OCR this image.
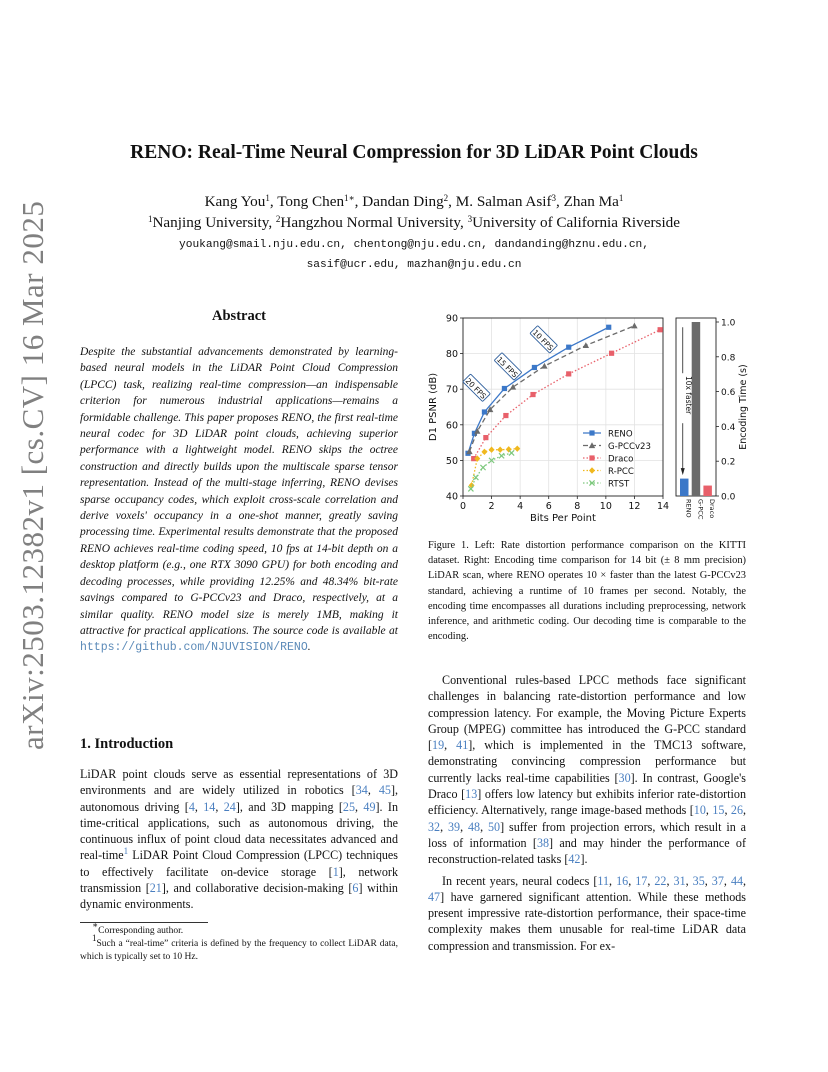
arXiv:2503.12382v1 [cs.CV] 16 Mar 2025
RENO: Real-Time Neural Compression for 3D LiDAR Point Clouds
Kang You$^1$, Tong Chen$^{1∗}$, Dandan Ding$^2$, M. Salman Asif$^3$, Zhan Ma$^1$
$^1$Nanjing University, $^2$Hangzhou Normal University, $^3$University of California Riverside
youkang@smail.nju.edu.cn, chentong@nju.edu.cn, dandanding@hznu.edu.cn,
sasif@ucr.edu, mazhan@nju.edu.cn
Abstract
Despite the substantial advancements demonstrated by learning-based neural models in the LiDAR Point Cloud Compression (LPCC) task, realizing real-time compression—an indispensable criterion for numerous industrial applications—remains a formidable challenge. This paper proposes RENO, the first real-time neural codec for 3D LiDAR point clouds, achieving superior performance with a lightweight model. RENO skips the octree construction and directly builds upon the multiscale sparse tensor representation. Instead of the multi-stage inferring, RENO devises sparse occupancy codes, which exploit cross-scale correlation and derive voxels' occupancy in a one-shot manner, greatly saving processing time. Experimental results demonstrate that the proposed RENO achieves real-time coding speed, 10 fps at 14-bit depth on a desktop platform (e.g., one RTX 3090 GPU) for both encoding and decoding processes, while providing 12.25% and 48.34% bit-rate savings compared to G-PCCv23 and Draco, respectively, at a similar quality. RENO model size is merely 1MB, making it attractive for practical applications. The source code is available at https://github.com/NJUVISION/RENO.
1. Introduction
LiDAR point clouds serve as essential representations of 3D environments and are widely utilized in robotics [34, 45], autonomous driving [4, 14, 24], and 3D mapping [25, 49]. In time-critical applications, such as autonomous driving, the continuous influx of point cloud data necessitates advanced and real-time$^1$ LiDAR Point Cloud Compression (LPCC) techniques to effectively facilitate on-device storage [1], network transmission [21], and collaborative decision-making [6] within dynamic environments.
∗Corresponding author.
$^1$Such a “real-time” criteria is defined by the frequency to collect LiDAR data, which is typically set to 10 Hz.
40
50
60
70
80
90
0 2 4 6 8 10 12 14
Bits Per Point
D1 PSNR (dB)	20 FPS
15 FPS
10 FPS
RENO
G-PCCv23
Draco
R-PCC
RTST
0.0
0.2
0.4
0.6
0.8
1.0
Encoding Time (s)
RENO G-PCC Draco
10x faster
Figure 1. Left: Rate distortion performance comparison on the KITTI dataset. Right: Encoding time comparison for 14 bit (± 8 mm precision) LiDAR scan, where RENO operates 10 × faster than the latest G-PCCv23 standard, achieving a runtime of 10 frames per second. Notably, the encoding time encompasses all durations including preprocessing, network inference, and arithmetic coding. Our decoding time is comparable to the encoding.

Conventional rules-based LPCC methods face significant challenges in balancing rate-distortion performance and low compression latency. For example, the Moving Picture Experts Group (MPEG) committee has introduced the G-PCC standard [19, 41], which is implemented in the TMC13 software, demonstrating convincing compression performance but currently lacks real-time capabilities [30]. In contrast, Google's Draco [13] offers low latency but exhibits inferior rate-distortion efficiency. Alternatively, range image-based methods [10, 15, 26, 32, 39, 48, 50] suffer from projection errors, which result in a loss of information [38] and may hinder the performance of reconstruction-related tasks [42].

In recent years, neural codecs [11, 16, 17, 22, 31, 35, 37, 44, 47] have garnered significant attention. While these methods present impressive rate-distortion performance, their space-time complexity makes them unusable for real-time LiDAR data compression and transmission. For ex-
